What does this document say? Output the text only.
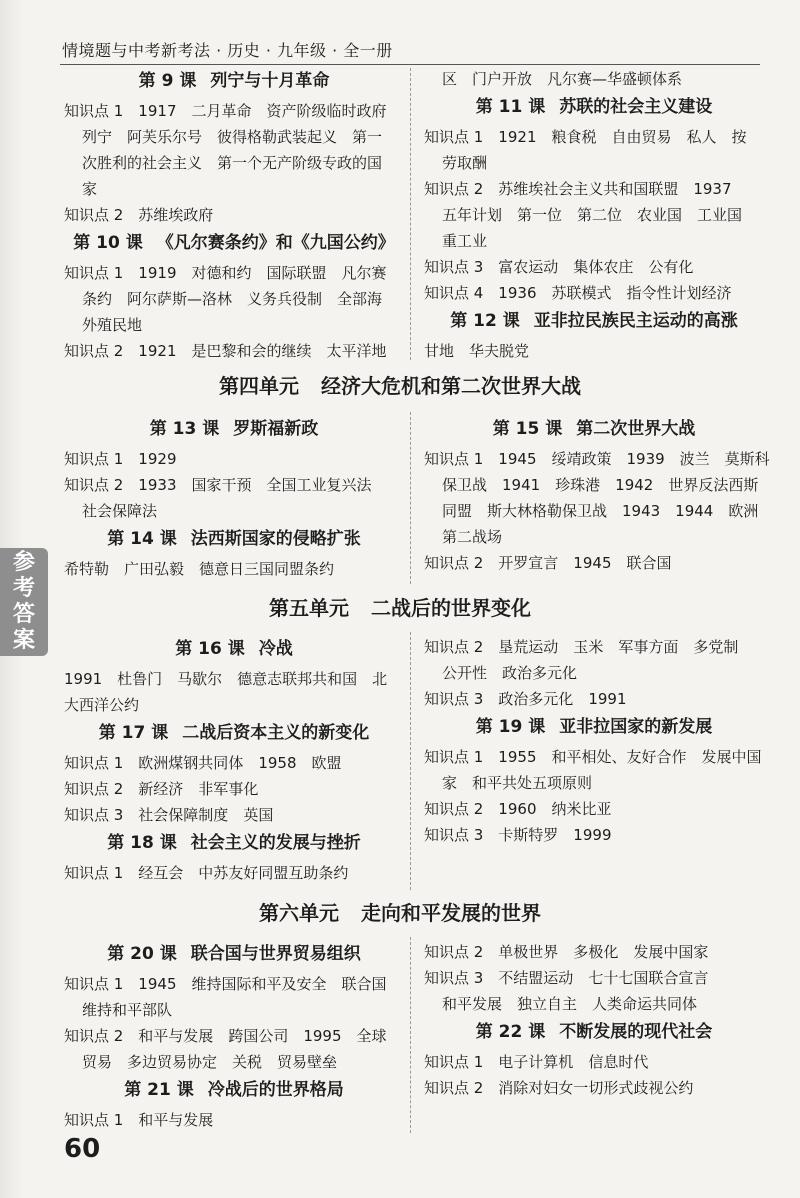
情境题与中考新考法 · 历史 · 九年级 · 全一册
第 9 课 列宁与十月革命
知识点 1　1917　二月革命　资产阶级临时政府
列宁　阿芙乐尔号　彼得格勒武装起义　第一
次胜利的社会主义　第一个无产阶级专政的国
家
知识点 2　苏维埃政府
第 10 课 《凡尔赛条约》和《九国公约》
知识点 1　1919　对德和约　国际联盟　凡尔赛
条约　阿尔萨斯—洛林　义务兵役制　全部海
外殖民地
知识点 2　1921　是巴黎和会的继续　太平洋地
区　门户开放　凡尔赛—华盛顿体系
第 11 课 苏联的社会主义建设
知识点 1　1921　粮食税　自由贸易　私人　按
劳取酬
知识点 2　苏维埃社会主义共和国联盟　1937
五年计划　第一位　第二位　农业国　工业国
重工业
知识点 3　富农运动　集体农庄　公有化
知识点 4　1936　苏联模式　指令性计划经济
第 12 课 亚非拉民族民主运动的高涨
甘地　华夫脱党
第四单元 经济大危机和第二次世界大战
第 13 课 罗斯福新政
知识点 1　1929
知识点 2　1933　国家干预　全国工业复兴法
社会保障法
第 14 课 法西斯国家的侵略扩张
希特勒　广田弘毅　德意日三国同盟条约
第 15 课 第二次世界大战
知识点 1　1945　绥靖政策　1939　波兰　莫斯科
保卫战　1941　珍珠港　1942　世界反法西斯
同盟　斯大林格勒保卫战　1943　1944　欧洲
第二战场
知识点 2　开罗宣言　1945　联合国
第五单元 二战后的世界变化
第 16 课 冷战
1991　杜鲁门　马歇尔　德意志联邦共和国　北
大西洋公约
第 17 课 二战后资本主义的新变化
知识点 1　欧洲煤钢共同体　1958　欧盟
知识点 2　新经济　非军事化
知识点 3　社会保障制度　英国
第 18 课 社会主义的发展与挫折
知识点 1　经互会　中苏友好同盟互助条约
知识点 2　垦荒运动　玉米　军事方面　多党制
公开性　政治多元化
知识点 3　政治多元化　1991
第 19 课 亚非拉国家的新发展
知识点 1　1955　和平相处、友好合作　发展中国
家　和平共处五项原则
知识点 2　1960　纳米比亚
知识点 3　卡斯特罗　1999
第六单元 走向和平发展的世界
第 20 课 联合国与世界贸易组织
知识点 1　1945　维持国际和平及安全　联合国
维持和平部队
知识点 2　和平与发展　跨国公司　1995　全球
贸易　多边贸易协定　关税　贸易壁垒
第 21 课 冷战后的世界格局
知识点 1　和平与发展
知识点 2　单极世界　多极化　发展中国家
知识点 3　不结盟运动　七十七国联合宣言
和平发展　独立自主　人类命运共同体
第 22 课 不断发展的现代社会
知识点 1　电子计算机　信息时代
知识点 2　消除对妇女一切形式歧视公约
参考答案
60
